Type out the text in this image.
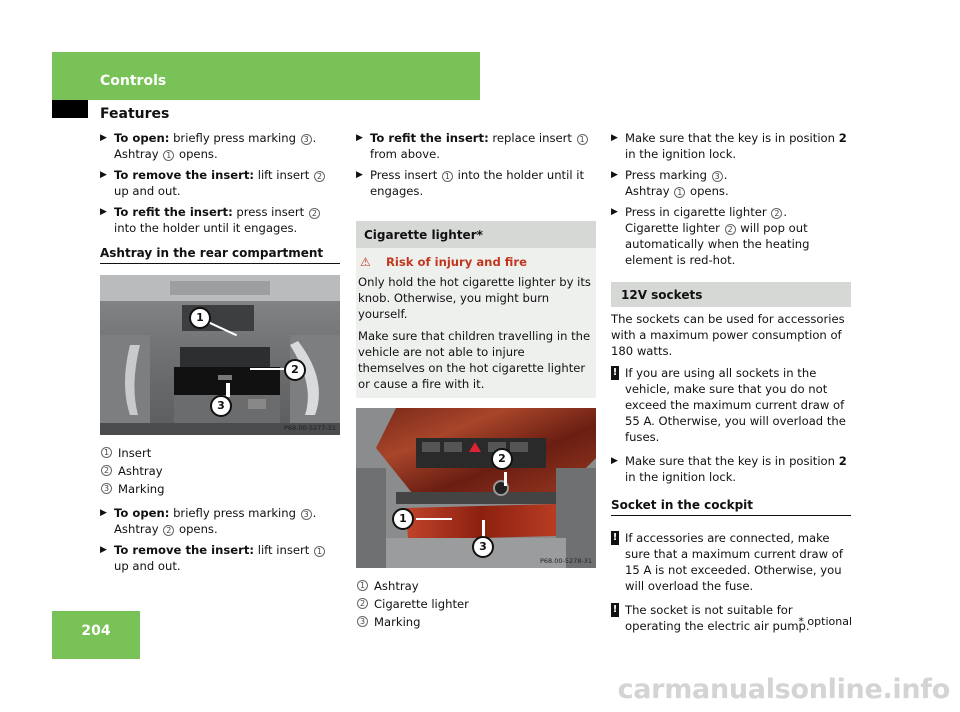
Controls
Features
▶ To open: briefly press marking 3 .
Ashtray 1 opens.
▶ To remove the insert: lift insert 2 up and out.
▶ To refit the insert: press insert 2 into the holder until it engages.
Ashtray in the rear compartment
1
2
3
P68.00-5277-31
1 Insert
2 Ashtray
3 Marking
▶ To open: briefly press marking 3 .
Ashtray 2 opens.
▶ To remove the insert: lift insert 1 up and out.
▶ To refit the insert: replace insert 1 from above.
▶ Press insert 1 into the holder until it engages.
Cigarette lighter*
⚠ Risk of injury and fire

Only hold the hot cigarette lighter by its knob. Otherwise, you might burn yourself.

Make sure that children travelling in the vehicle are not able to injure themselves on the hot cigarette lighter or cause a fire with it.

2
1
3
P68.00-5278-31
1 Ashtray
2 Cigarette lighter
3 Marking
▶ Make sure that the key is in position 2 in the ignition lock.
▶ Press marking 3 .
Ashtray 1 opens.
▶ Press in cigarette lighter 2 .
Cigarette lighter 2 will pop out automatically when the heating element is red-hot.
12V sockets
The sockets can be used for accessories with a maximum power consumption of 180 watts.
! If you are using all sockets in the vehicle, make sure that you do not exceed the maximum current draw of 55 A. Otherwise, you will overload the fuses.
▶ Make sure that the key is in position 2 in the ignition lock.
Socket in the cockpit
! If accessories are connected, make sure that a maximum current draw of 15 A is not exceeded. Otherwise, you will overload the fuse.
! The socket is not suitable for operating the electric air pump.
204
* optional
carmanualsonline.info
